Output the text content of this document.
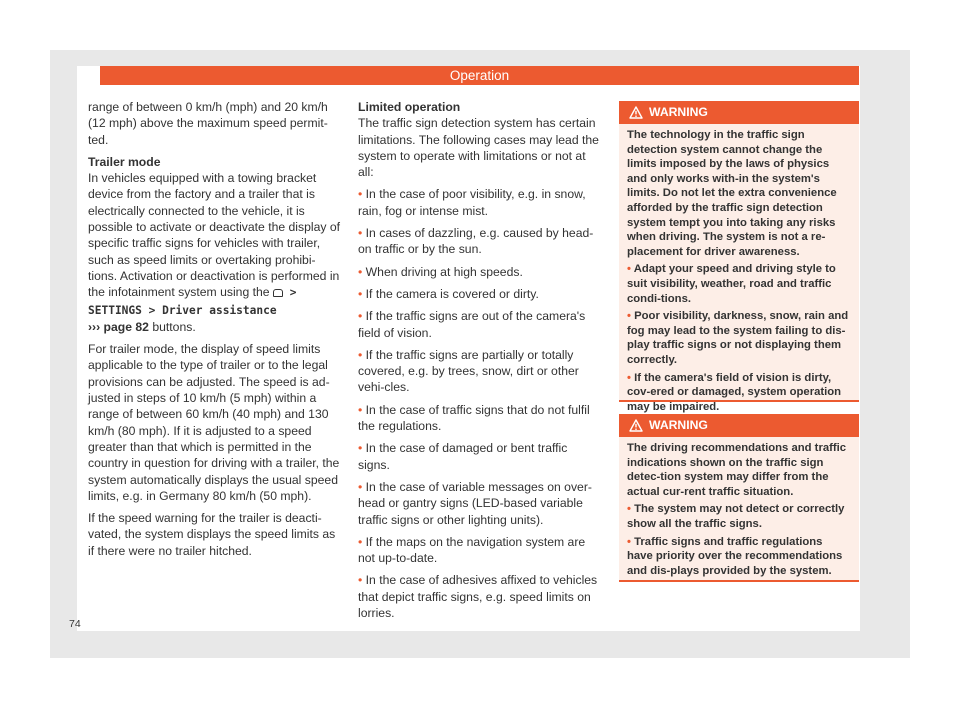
Operation

range of between 0 km/h (mph) and 20 km/h (12 mph) above the maximum speed permit-ted.

Trailer mode

In vehicles equipped with a towing bracket device from the factory and a trailer that is electrically connected to the vehicle, it is possible to activate or deactivate the display of specific traffic signs for vehicles with trailer, such as speed limits or overtaking prohibi-tions. Activation or deactivation is performed in the infotainment system using the  > SETTINGS > Driver assistance
››› page 82 buttons.

For trailer mode, the display of speed limits applicable to the type of trailer or to the legal provisions can be adjusted. The speed is ad-justed in steps of 10 km/h (5 mph) within a range of between 60 km/h (40 mph) and 130 km/h (80 mph). If it is adjusted to a speed greater than that which is permitted in the country in question for driving with a trailer, the system automatically displays the usual speed limits, e.g. in Germany 80 km/h (50 mph).

If the speed warning for the trailer is deacti-vated, the system displays the speed limits as if there were no trailer hitched.

Limited operation

The traffic sign detection system has certain limitations. The following cases may lead the system to operate with limitations or not at all:

• In the case of poor visibility, e.g. in snow, rain, fog or intense mist.

• In cases of dazzling, e.g. caused by head-on traffic or by the sun.

• When driving at high speeds.

• If the camera is covered or dirty.

• If the traffic signs are out of the camera's field of vision.

• If the traffic signs are partially or totally covered, e.g. by trees, snow, dirt or other vehi-cles.

• In the case of traffic signs that do not fulfil the regulations.

• In the case of damaged or bent traffic signs.

• In the case of variable messages on over-head or gantry signs (LED-based variable traffic signs or other lighting units).

• If the maps on the navigation system are not up-to-date.

• In the case of adhesives affixed to vehicles that depict traffic signs, e.g. speed limits on lorries.

WARNING

The technology in the traffic sign detection system cannot change the limits imposed by the laws of physics and only works with-in the system's limits. Do not let the extra convenience afforded by the traffic sign detection system tempt you into taking any risks when driving. The system is not a re-placement for driver awareness.

• Adapt your speed and driving style to suit visibility, weather, road and traffic condi-tions.

• Poor visibility, darkness, snow, rain and fog may lead to the system failing to dis-play traffic signs or not displaying them correctly.

• If the camera's field of vision is dirty, cov-ered or damaged, system operation may be impaired.

WARNING

The driving recommendations and traffic indications shown on the traffic sign detec-tion system may differ from the actual cur-rent traffic situation.

• The system may not detect or correctly show all the traffic signs.

• Traffic signs and traffic regulations have priority over the recommendations and dis-plays provided by the system.

74
